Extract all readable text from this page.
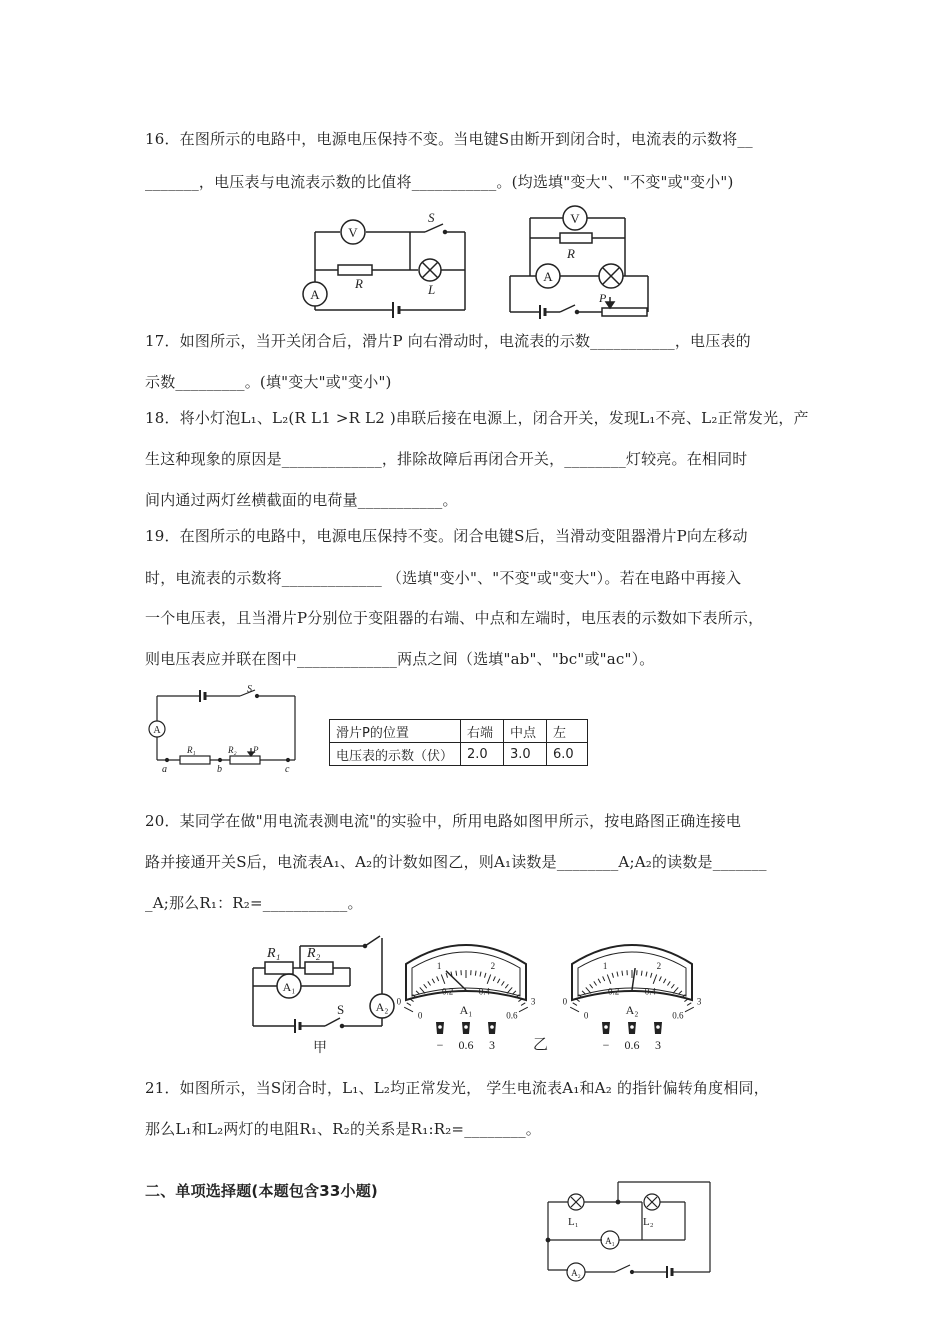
16．在图所示的电路中，电源电压保持不变。当电键S由断开到闭合时，电流表的示数将__
_______，电压表与电流表示数的比值将___________。(均选填"变大"、"不变"或"变小")
V
S
R	L
A
V
R
A
P
17．如图所示，当开关闭合后，滑片P 向右滑动时，电流表的示数___________，电压表的
示数_________。(填"变大"或"变小")
18．将小灯泡L₁、L₂(R L1 >R L2 )串联后接在电源上，闭合开关，发现L₁不亮、L₂正常发光，产
生这种现象的原因是_____________，排除故障后再闭合开关，________灯较亮。在相同时
间内通过两灯丝横截面的电荷量___________。
19．在图所示的电路中，电源电压保持不变。闭合电键S后，当滑动变阻器滑片P向左移动
时，电流表的示数将_____________ （选填"变小"、"不变"或"变大"）。若在电路中再接入
一个电压表，且当滑片P分别位于变阻器的右端、中点和左端时，电压表的示数如下表所示，
则电压表应并联在图中_____________两点之间（选填"ab"、"bc"或"ac"）。
S
A
R₁	R₂ P
a	b	c
滑片P的位置	右端	中点	左
电压表的示数（伏）	2.0	3.0	6.0
20．某同学在做"用电流表测电流"的实验中，所用电路如图甲所示，按电路图正确连接电
路并接通开关S后，电流表A₁、A₂的计数如图乙，则A₁读数是________A;A₂的读数是_______
_A;那么R₁：R₂=___________。
R₁ R₂
A₁
A₂
S
甲
0
1	2
3
0
0.2	0.4
0.6
A₁
− 0.6 3
0
1	2
3
0
0.2	0.4
0.6
A₂
− 0.6 3
乙
21．如图所示，当S闭合时，L₁、L₂均正常发光， 学生电流表A₁和A₂ 的指针偏转角度相同，
那么L₁和L₂两灯的电阻R₁、R₂的关系是R₁:R₂=________。
二、单项选择题(本题包含33小题)
L₁	L₂
A₁
A₂
